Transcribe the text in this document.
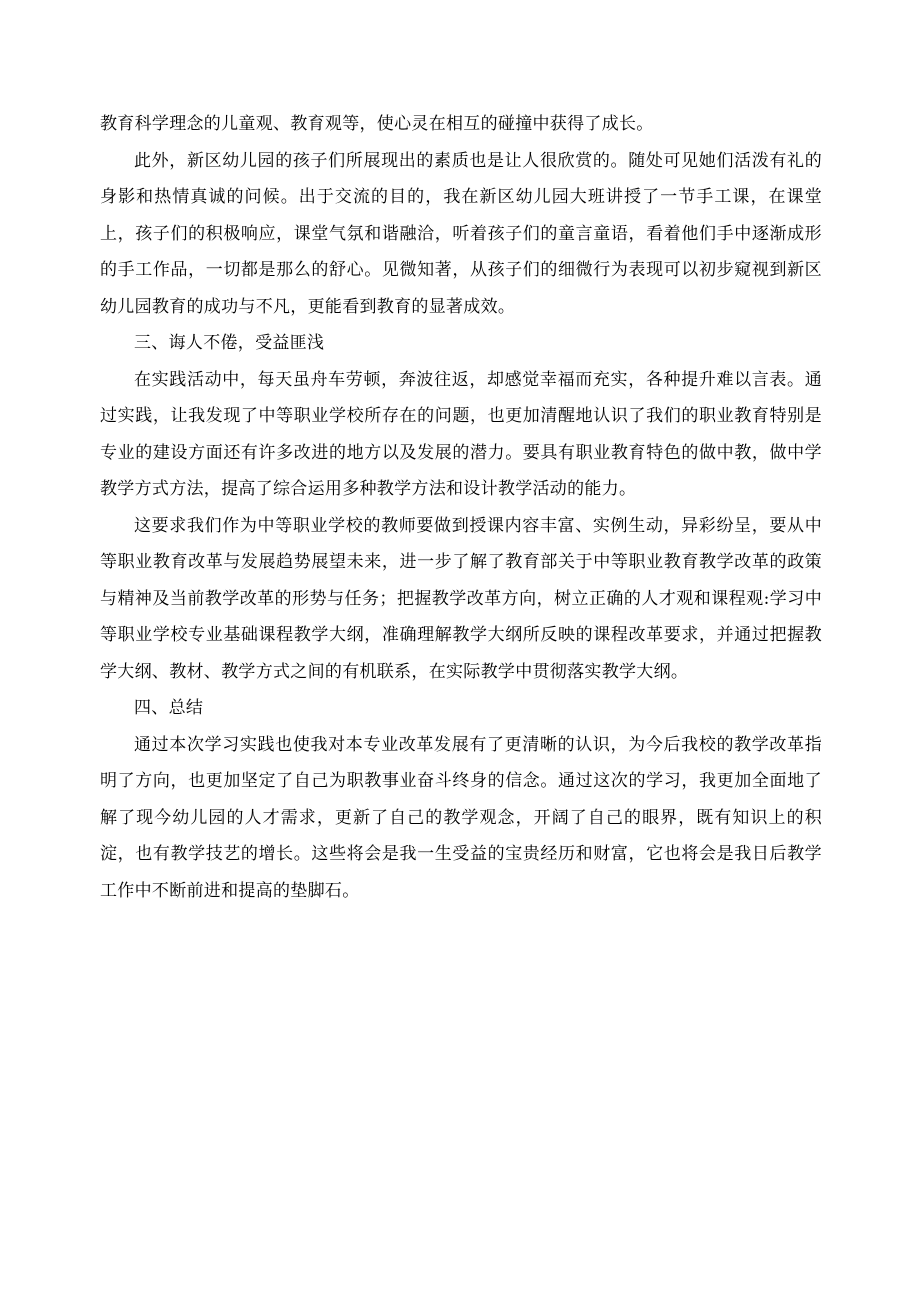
教育科学理念的儿童观、教育观等，使心灵在相互的碰撞中获得了成长。

此外，新区幼儿园的孩子们所展现出的素质也是让人很欣赏的。随处可见她们活泼有礼的身影和热情真诚的问候。出于交流的目的，我在新区幼儿园大班讲授了一节手工课，在课堂上，孩子们的积极响应，课堂气氛和谐融洽，听着孩子们的童言童语，看着他们手中逐渐成形的手工作品，一切都是那么的舒心。见微知著，从孩子们的细微行为表现可以初步窥视到新区幼儿园教育的成功与不凡，更能看到教育的显著成效。

三、诲人不倦，受益匪浅

在实践活动中，每天虽舟车劳顿，奔波往返，却感觉幸福而充实，各种提升难以言表。通过实践，让我发现了中等职业学校所存在的问题，也更加清醒地认识了我们的职业教育特别是专业的建设方面还有许多改进的地方以及发展的潜力。要具有职业教育特色的做中教，做中学教学方式方法，提高了综合运用多种教学方法和设计教学活动的能力。

这要求我们作为中等职业学校的教师要做到授课内容丰富、实例生动，异彩纷呈，要从中等职业教育改革与发展趋势展望未来，进一步了解了教育部关于中等职业教育教学改革的政策与精神及当前教学改革的形势与任务；把握教学改革方向，树立正确的人才观和课程观:学习中等职业学校专业基础课程教学大纲，准确理解教学大纲所反映的课程改革要求，并通过把握教学大纲、教材、教学方式之间的有机联系，在实际教学中贯彻落实教学大纲。

四、总结

通过本次学习实践也使我对本专业改革发展有了更清晰的认识，为今后我校的教学改革指明了方向，也更加坚定了自己为职教事业奋斗终身的信念。通过这次的学习，我更加全面地了解了现今幼儿园的人才需求，更新了自己的教学观念，开阔了自己的眼界，既有知识上的积淀，也有教学技艺的增长。这些将会是我一生受益的宝贵经历和财富，它也将会是我日后教学工作中不断前进和提高的垫脚石。
